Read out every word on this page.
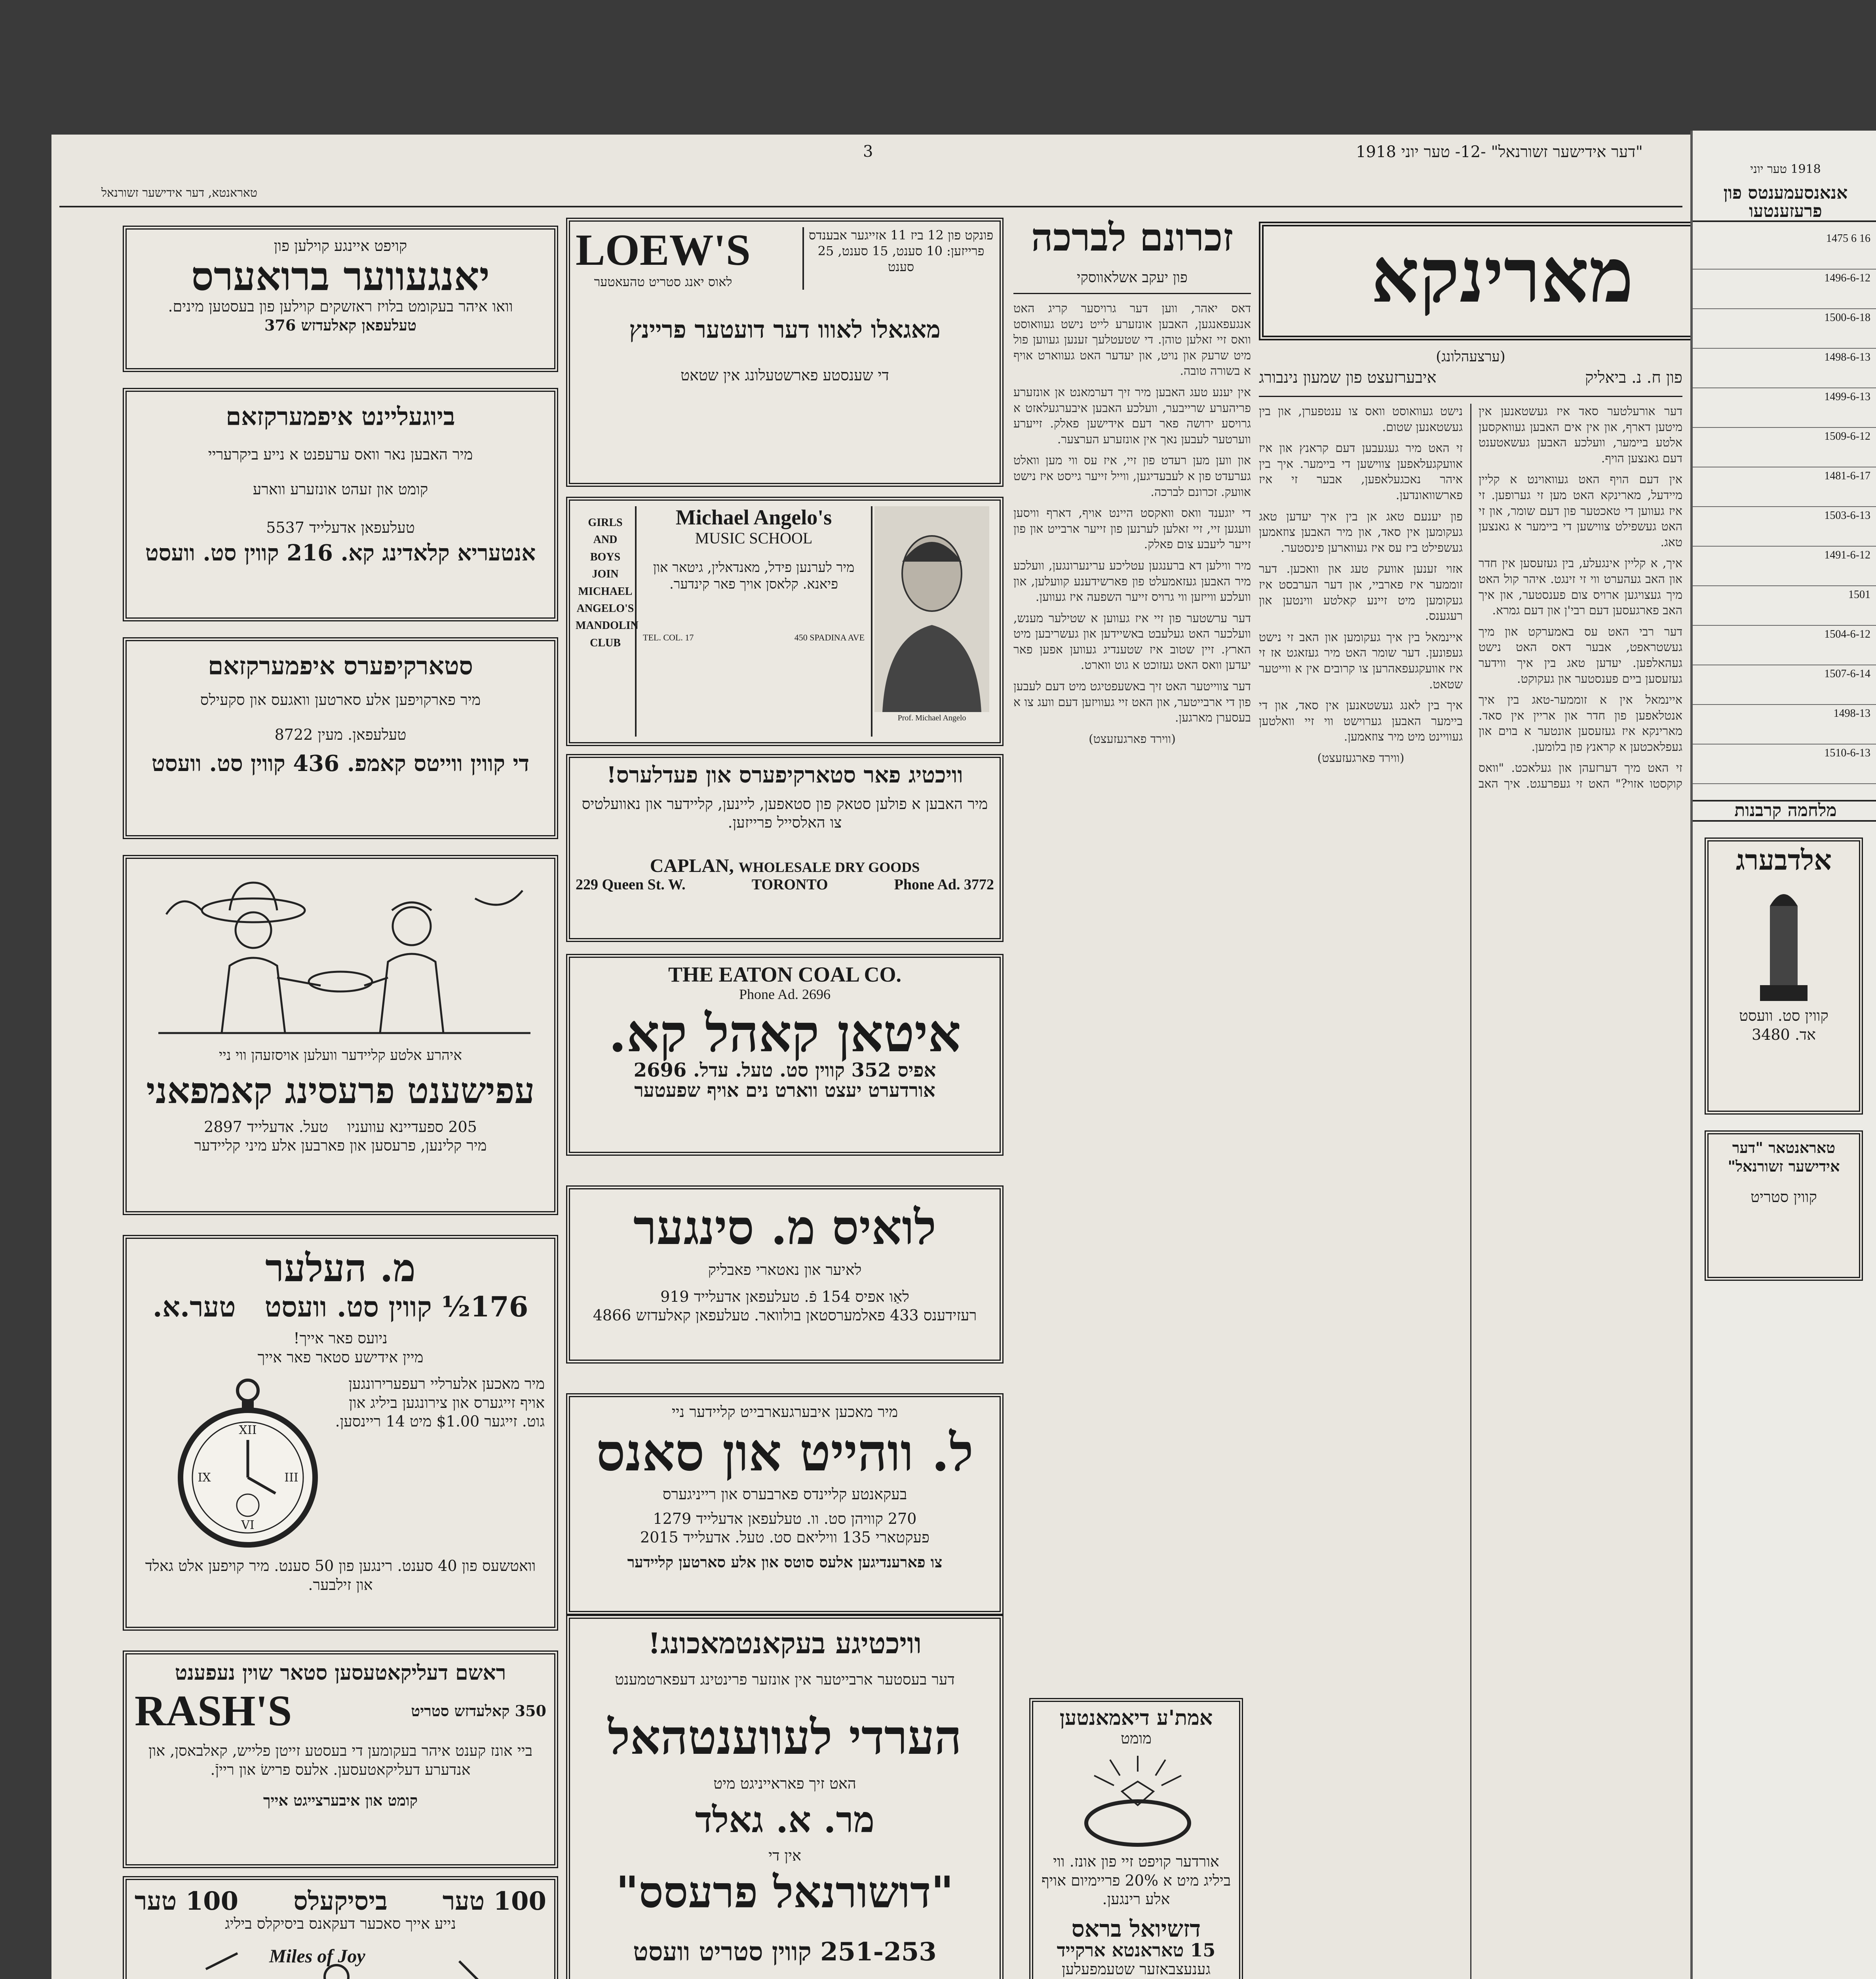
"דער אידישער זשורנאל" -12- טער יוני 1918
3
טאראנטא, דער אידישער זשורנאל
קויפט איינגע קוילען פון
יאנגעווער ברואערס
וואו איהר בעקומט בלויז ראזשקים קוילען פון בעסטען מינים.
טעלעפאן קאלעדזש 376
ביוגעליינט איפמערקזאם
מיר האבען נאר וואס ערעפנט א נייע ביקרעריי
קומט און זעהט אונזערע ווארע
טעלעפאן אדעלייד 5537
אנטעריא קלאדינג קא. 216 קווין סט. וועסט
סטארקיפערס איפמערקזאם
מיר פארקויפען אלע סארטען וואגעס און סקעילס
טעלעפאן. מעין 8722
די קווין ווייטס קאמפ. 436 קווין סט. וועסט
איהרע אלטע קליידער וועלען אויסזעהן ווי ניי
עפישענט פרעסינג קאמפאני
205 ספעדיינא עוועניו    טעל. אדעלייד 2897
מיר קלינען, פרעסען און פארבען אלע מיני קליידער
מ. העלער
176½ קווין סט. וועסט   טער.א.
ניועס פאר אייך!
מיין אידישע סטאר פאר אייך
מיר מאכען אלערליי רעפערירונגען אויף זייגערס און צירונגען ביליג און גוט. זייגער $1.00 מיט 14 ריינסען.
XII
III
VI
IX
וואטשעס פון 40 סענט. רינגען פון 50 סענט. מיר קויפען אלט גאלד און זילבער.
ראשם דעליקאטעסען סטאר שוין נעפענט
RASH'S	350 קאלעדזש סטריט
ביי אונז קענט איהר בעקומען די בעסטע זייטן פלייש, קאלבאסן, און אנדערע דעליקאטעסען. אלעס פרישׂ און רייןֿ.
קומט און איבערצייגט אייך
100 טער
ביסיקעלס
100 טער
נייע אייך סאכער דעקאנס ביסיקלס ביליג
Miles of Joy
LOEW'S
לאוס יאנג סטריט טהעאטער
פונקט פון 12 ביז 11 אזייגער אבענדס
פרייזען: 10 סענט, 15 סענט, 25 סענט
מאגאלו לאווו דער דועטער פריינץ
די שענסטע פארשטעלונג אין שטאט
GIRLS
AND
BOYS
JOIN
MICHAEL
ANGELO'S
MANDOLIN
CLUB
Michael Angelo's
MUSIC SCHOOL
מיר לערנען פידל, מאנדאלין, גיטאר און פיאנא. קלאסן אויך פאר קינדער.
TEL. COL. 17	450 SPADINA AVE
Prof. Michael Angelo
וויכטיג פאר סטארקיפערס און פעדלערס!
מיר האבען א פולען סטאק פון סטאפען, ליינען, קליידער און נאוועלטיס צו האלסייל פרייזען.
CAPLAN, WHOLESALE DRY GOODS
229 Queen St. W.	TORONTO	Phone Ad. 3772
THE EATON COAL CO.
Phone Ad. 2696
איטאן קאהל קא.
אפיס 352 קווין סט. טעל. עדל. 2696
אורדערט יעצט ווארט נים אויף שפעטער
לואיס מ. סינגער
לאיער און נאטארי פאבליק
לאַו אפיס 154 פֿ. טעלעפאן אדעלייד 919
רעזידענס 433 פאלמערסטאן בולוואר. טעלעפאן קאלעדזש 4866
מיר מאכען איבערגעארבייט קליידער ניי
ל. ווהייט און סאנס
בעקאנטע קליינדס פארבערס און רייניגערס
270 קוויהן סט. וו. טעלעפאן אדעלייד 1279
פעקטארי 135 וויליאם סט. טעל. אדעלייד 2015
צו פארענדיגען אלעס סוטס און אלע סארטען קליידער
וויכטיגע בעקאנטמאכונג!
דער בעסטער ארבייטער אין אונזער פרינטינג דעפארטמענט
הערדי לעווענטהאל
האט זיך פאראייניגט מיט
מר. א. גאלד
אין די
"דושורנאל פרעסס"
251-253 קווין סטריט וועסט
זכרונם לברכה
פון יעקב אשלאווסקי

דאס יאהר, ווען דער גרויסער קריג האט אנגעפאנגען, האבען אונזערע לייט נישט געוואוסט וואס זיי זאלען טוהן. די שטעטלעך זענען געווען פול מיט שרעק און נויט, און יעדער האט געווארט אויף א בשורה טובה.

אין יענע טעג האבען מיר זיך דערמאנט אן אונזערע פריהערע שרייבער, וועלכע האבען איבערגעלאזט א גרויסע ירושה פאר דעם אידישען פאלק. זייערע ווערטער לעבען נאך אין אונזערע הערצער.

און ווען מען רעדט פון זיי, איז עס ווי מען וואלט גערעדט פון א לעבעדיגען, ווייל זייער גייסט איז נישט אוועק. זכרונם לברכה.

די יוגענד וואס וואקסט היינט אויף, דארף וויסען וועגען זיי, זיי זאלען לערנען פון זייער ארבייט און פון זייער ליעבע צום פאלק.

מיר ווילען דא ברענגען עטליכע ערינערונגען, וועלכע מיר האבען געזאמעלט פון פארשידענע קוועלען, און וועלכע ווייזען ווי גרויס זייער השפעה איז געווען.

דער ערשטער פון זיי איז געווען א שטילער מענש, וועלכער האט געלעבט באשיידען און געשריבען מיט הארץ. זיין שטוב איז שטענדיג געווען אפען פאר יעדען וואס האט געזוכט א גוט ווארט.

דער צווייטער האט זיך באשעפטיגט מיט דעם לעבען פון די ארבייטער, און האט זיי געוויזען דעם וועג צו א בעסערן מארגען.

(ווירד פארגעזעצט)

אמת'ע דיאמאנטען
מומט
אורדער קויפט זיי פון אונז. ווי ביליג מיט א 20% פריימיום אויף אלע רינגען.
דזשיואל בראס
15 טאראנטא ארקייד
גענעצבאזער שטעמפעלען
מארינקא
(ערצעהלונג)
פון ח. נ. ביאליק
איבערזעצט פון שמעון נינבורג

דער אורעלטער סאד איז געשטאנען אין מיטען דארף, און אין אים האבען געוואקסען אלטע ביימער, וועלכע האבען געשאטענט דעם גאנצען הויף.

אין דעם הויף האט געוואוינט א קליין מיידעל, מארינקא האט מען זי גערופען. זי איז געווען די טאכטער פון דעם שומר, און זי האט געשפילט צווישען די ביימער א גאנצען טאג.

איך, א קליין אינגעלע, בין געזעסען אין חדר און האב געהערט ווי זי זינגט. איהר קול האט מיך געצויגען ארויס צום פענסטער, און איך האב פארגעסען דעם רבי'ן און דעם גמרא.

דער רבי האט עס באמערקט און מיך געשטראפט, אבער דאס האט נישט געהאלפען. יעדען טאג בין איך ווידער געזעסען ביים פענסטער און געקוקט.

איינמאל אין א זוממער-טאג בין איך אנטלאפען פון חדר און אריין אין סאד. מארינקא איז געזעסען אונטער א בוים און געפלאכטען א קראנץ פון בלומען.

זי האט מיך דערזעהן און געלאכט. "וואס קוקסטו אזוי?" האט זי געפרעגט. איך האב נישט געוואוסט וואס צו ענטפערן, און בין געשטאנען שטום.

זי האט מיר געגעבען דעם קראנץ און איז אוועקגעלאפען צווישען די ביימער. איך בין איהר נאכגעלאפען, אבער זי איז פארשוואונדען.

פון יענעם טאג אן בין איך יעדען טאג געקומען אין סאד, און מיר האבען צוזאמען געשפילט ביז עס איז געווארען פינסטער.

אזוי זענען אוועק טעג און וואכען. דער זוממער איז פארביי, און דער הערבסט איז געקומען מיט זיינע קאלטע ווינטען און רעגענס.

איינמאל בין איך געקומען און האב זי נישט געפונען. דער שומר האט מיר געזאגט אז זי איז אוועקגעפאהרען צו קרובים אין א ווייטער שטאט.

איך בין לאנג געשטאנען אין סאד, און די ביימער האבען גערוישט ווי זיי וואלטען געוויינט מיט מיר צוזאמען.

(ווירד פארגעזעצט)

1918 טער יוני
אנאנסעמענטס פון פרעזענטעו
1475 6 16
1496-6-12
1500-6-18
1498-6-13
1499-6-13
1509-6-12
1481-6-17
1503-6-13
1491-6-12
1501
1504-6-12
1507-6-14
1498-13
1510-6-13
מלחמה קרבנות
אלדבערג
קווין סט. וועסט
אד. 3480
טאראנטאר "דער אידישער זשורנאל"
קווין סטריט
